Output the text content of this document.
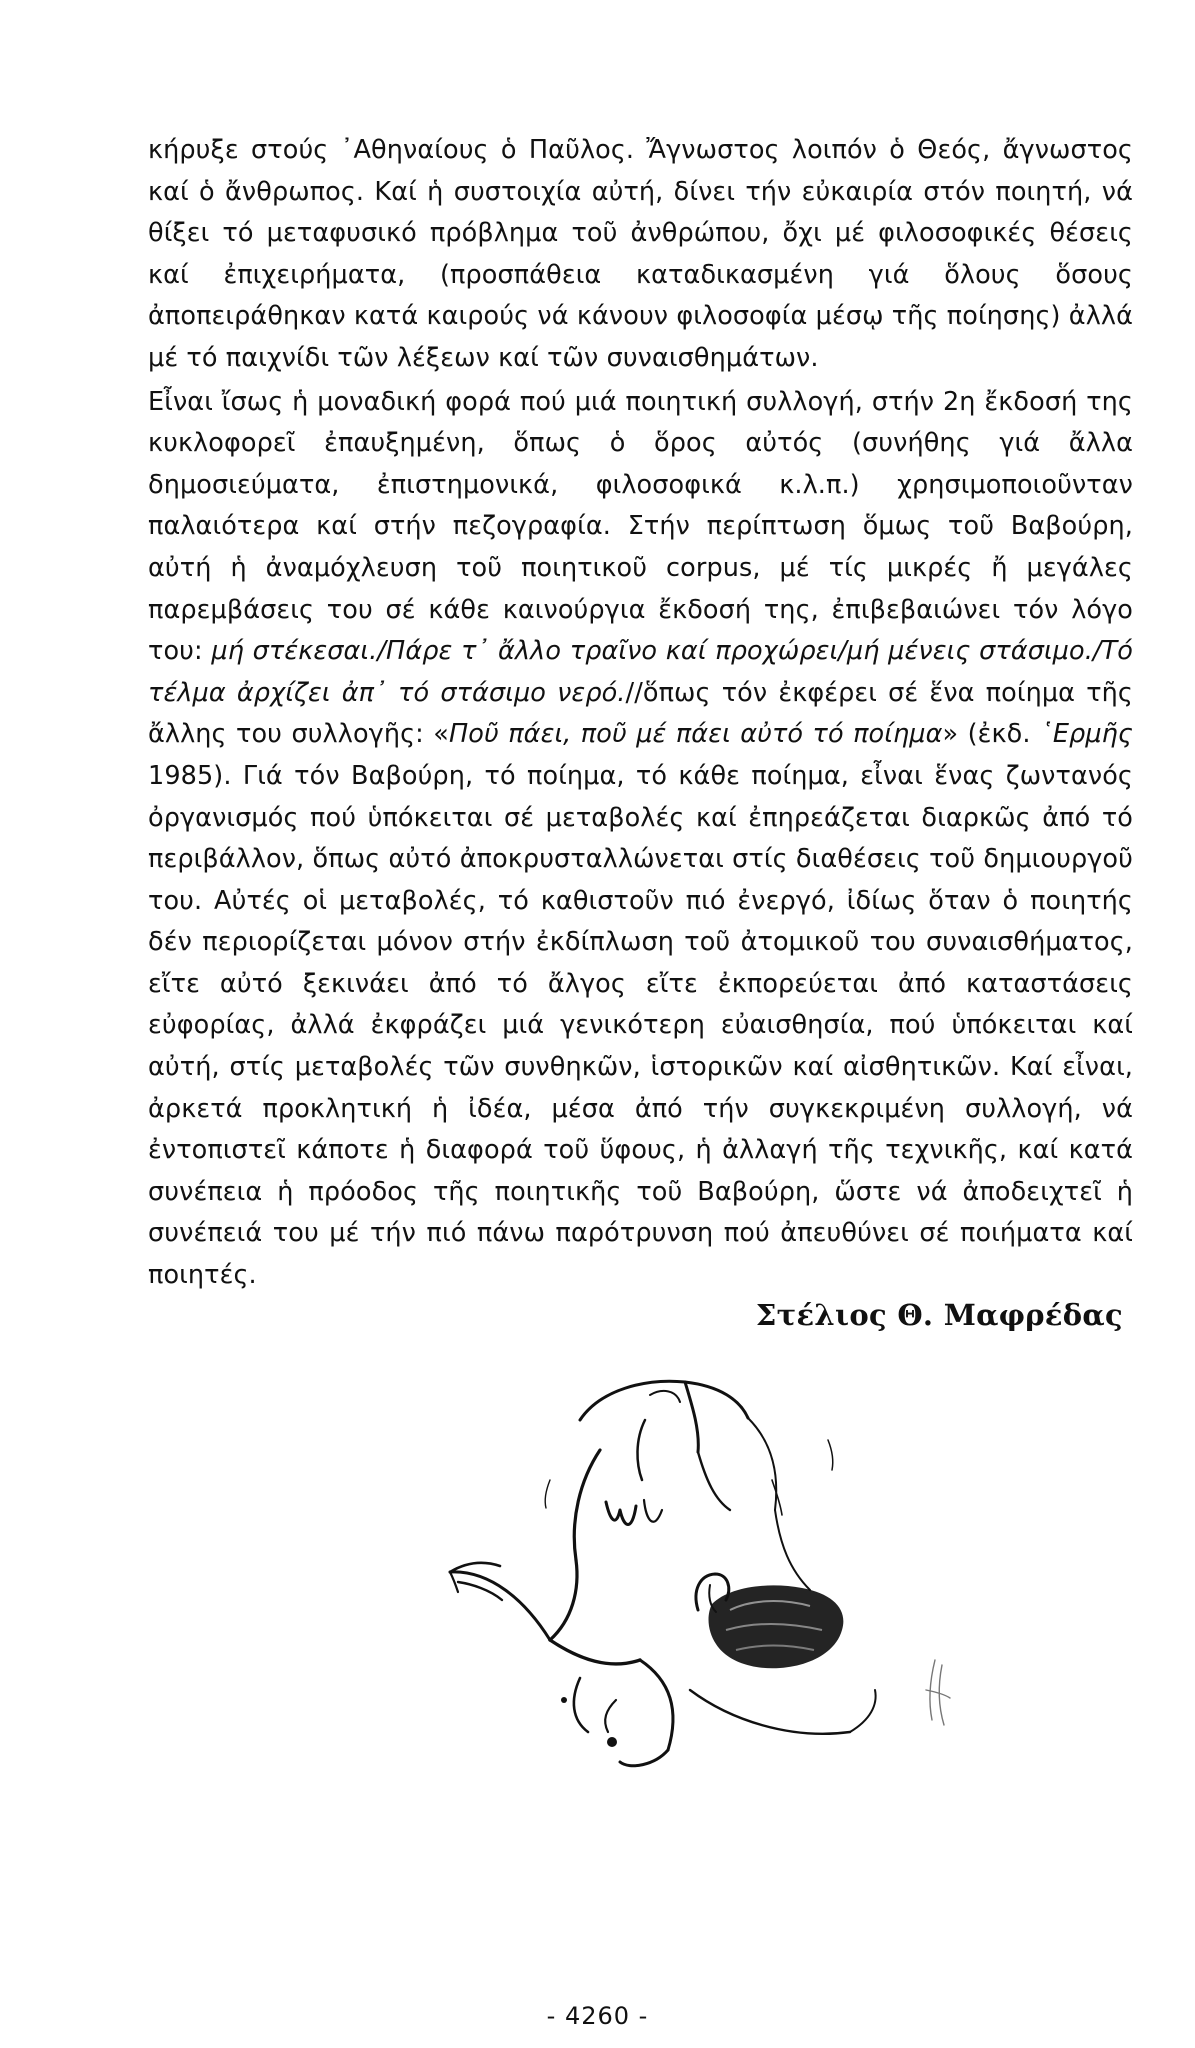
κήρυξε στούς ᾿Αθηναίους ὁ Παῦλος. Ἄγνωστος λοιπόν ὁ Θεός, ἄγνωστος καί ὁ ἄνθρωπος. Καί ἡ συστοιχία αὐτή, δίνει τήν εὐκαιρία στόν ποιητή, νά θίξει τό μεταφυσικό πρόβλημα τοῦ ἀνθρώπου, ὄχι μέ φιλοσοφικές θέσεις καί ἐπιχειρήματα, (προσπάθεια καταδικασμένη γιά ὅλους ὅσους ἀποπειράθηκαν κατά καιρούς νά κάνουν φιλοσοφία μέσῳ τῆς ποίησης) ἀλλά μέ τό παιχνίδι τῶν λέξεων καί τῶν συναισθημάτων.

Εἶναι ἴσως ἡ μοναδική φορά πού μιά ποιητική συλλογή, στήν 2η ἔκδοσή της κυκλοφορεῖ ἐπαυξημένη, ὅπως ὁ ὅρος αὐτός (συνήθης γιά ἄλλα δημοσιεύματα, ἐπιστημονικά, φιλοσοφικά κ.λ.π.) χρησιμοποιοῦνταν παλαιότερα καί στήν πεζογραφία. Στήν περίπτωση ὅμως τοῦ Βαβούρη, αὐτή ἡ ἀναμόχλευση τοῦ ποιητικοῦ corpus, μέ τίς μικρές ἤ μεγάλες παρεμβάσεις του σέ κάθε καινούργια ἔκδοσή της, ἐπιβεβαιώνει τόν λόγο του: μή στέκεσαι./Πάρε τ᾿ ἄλλο τραῖνο καί προχώρει/μή μένεις στάσιμο./Τό τέλμα ἀρχίζει ἀπ᾿ τό στάσιμο νερό.//ὅπως τόν ἐκφέρει σέ ἕνα ποίημα τῆς ἄλλης του συλλογῆς: «Ποῦ πάει, ποῦ μέ πάει αὐτό τό ποίημα» (ἐκδ. ῾Ερμῆς 1985). Γιά τόν Βαβούρη, τό ποίημα, τό κάθε ποίημα, εἶναι ἕνας ζωντανός ὀργανισμός πού ὑπόκειται σέ μεταβολές καί ἐπηρεάζεται διαρκῶς ἀπό τό περιβάλλον, ὅπως αὐτό ἀποκρυσταλλώνεται στίς διαθέσεις τοῦ δημιουργοῦ του. Αὐτές οἱ μεταβολές, τό καθιστοῦν πιό ἐνεργό, ἰδίως ὅταν ὁ ποιητής δέν περιορίζεται μόνον στήν ἐκδίπλωση τοῦ ἀτομικοῦ του συναισθήματος, εἴτε αὐτό ξεκινάει ἀπό τό ἄλγος εἴτε ἐκπορεύεται ἀπό καταστάσεις εὐφορίας, ἀλλά ἐκφράζει μιά γενικότερη εὐαισθησία, πού ὑπόκειται καί αὐτή, στίς μεταβολές τῶν συνθηκῶν, ἱστορικῶν καί αἰσθητικῶν. Καί εἶναι, ἀρκετά προκλητική ἡ ἰδέα, μέσα ἀπό τήν συγκεκριμένη συλλογή, νά ἐντοπιστεῖ κάποτε ἡ διαφορά τοῦ ὕφους, ἡ ἀλλαγή τῆς τεχνικῆς, καί κατά συνέπεια ἡ πρόοδος τῆς ποιητικῆς τοῦ Βαβούρη, ὥστε νά ἀποδειχτεῖ ἡ συνέπειά του μέ τήν πιό πάνω παρότρυνση πού ἀπευθύνει σέ ποιήματα καί ποιητές.

Στέλιος Θ. Μαφρέδας
- 4260 -
